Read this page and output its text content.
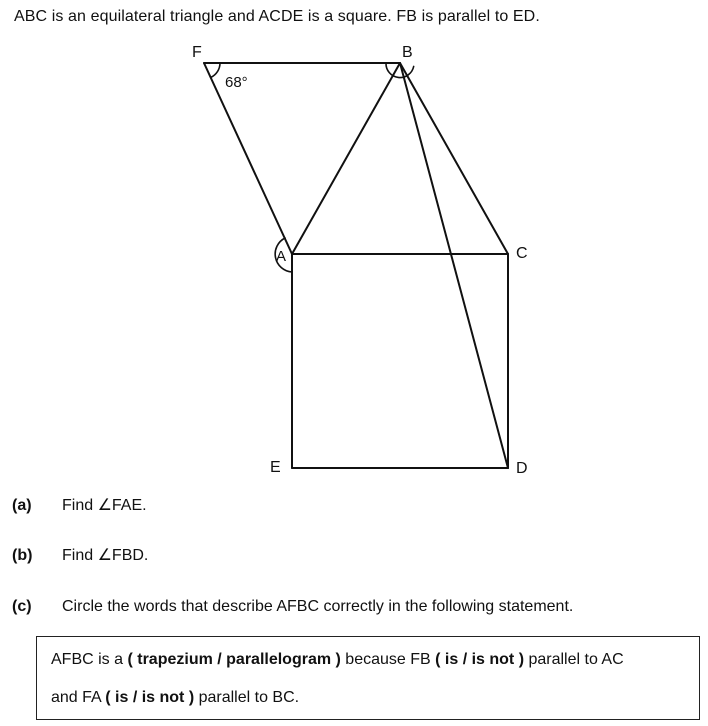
ABC is an equilateral triangle and ACDE is a square. FB is parallel to ED.
F	B
A	C
E	D
68°
(a) Find ∠FAE.
(b) Find ∠FBD.
(c) Circle the words that describe AFBC correctly in the following statement.
AFBC is a ( trapezium / parallelogram ) because FB ( is / is not ) parallel to AC
and FA ( is / is not ) parallel to BC.
